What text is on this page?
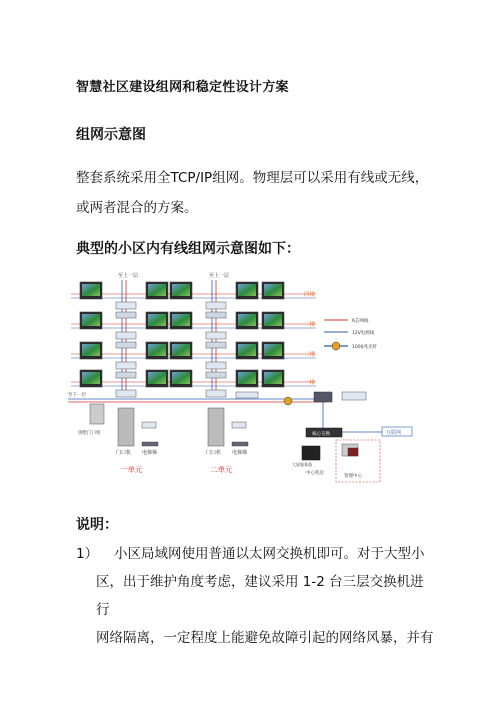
智慧社区建设组网和稳定性设计方案
组网示意图
整套系统采用全TCP/IP组网。物理层可以采用有线或无线，
或两者混合的方案。
典型的小区内有线组网示意图如下：
至上一层	至上一层
四楼
三楼
二楼
一楼
6芯网线
12V电源线
1000兆光纤
至下一层
别墅门口机
门口机 电梯梯	门口机 电梯梯
一单元	二单元
核心交换	互联网
大屏服务器
管理中心
中心机房
说明：
1）	小区局域网使用普通以太网交换机即可。对于大型小
区，出于维护角度考虑，建议采用 1-2 台三层交换机进行
网络隔离，一定程度上能避免故障引起的网络风暴，并有
